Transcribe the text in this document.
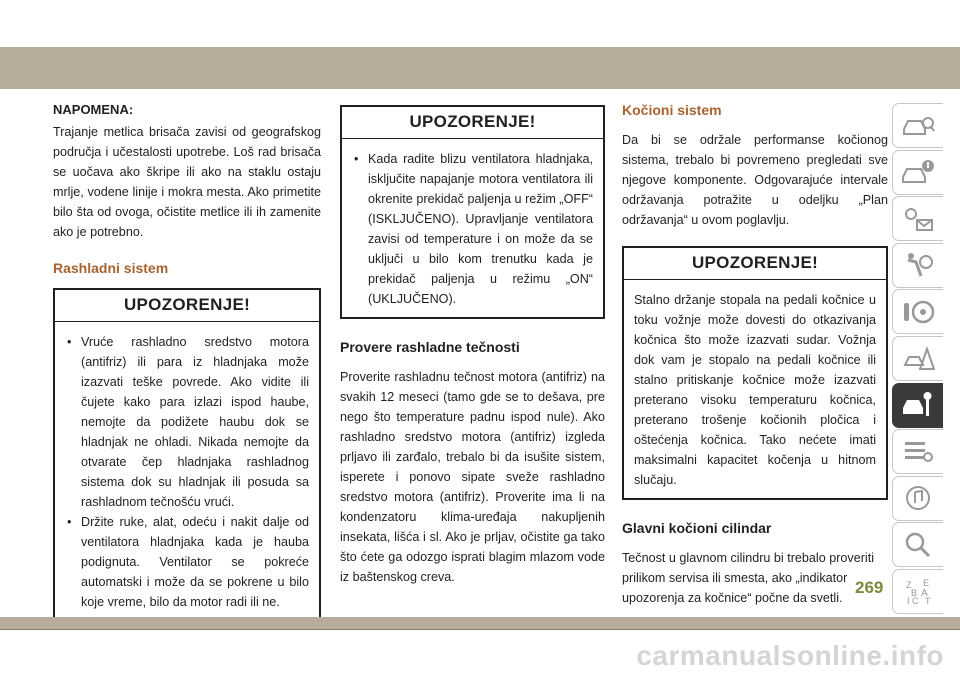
NAPOMENA:

Trajanje metlica brisača zavisi od geografskog područja i učestalosti upotrebe. Loš rad brisača se uočava ako škripe ili ako na staklu ostaju mrlje, vodene linije i mokra mesta. Ako primetite bilo šta od ovoga, očistite metlice ili ih zamenite ako je potrebno.

Rashladni sistem
UPOZORENJE!
• Vruće rashladno sredstvo motora (antifriz) ili para iz hladnjaka može izazvati teške povrede. Ako vidite ili čujete kako para izlazi ispod haube, nemojte da podižete haubu dok se hladnjak ne ohladi. Nikada nemojte da otvarate čep hladnjaka rashladnog sistema dok su hladnjak ili posuda sa rashladnom tečnošću vrući.
• Držite ruke, alat, odeću i nakit dalje od ventilatora hladnjaka kada je hauba podignuta. Ventilator se pokreće automatski i može da se pokrene u bilo koje vreme, bilo da motor radi ili ne.
UPOZORENJE!
• Kada radite blizu ventilatora hladnjaka, isključite napajanje motora ventilatora ili okrenite prekidač paljenja u režim „OFF“ (ISKLJUČENO). Upravljanje ventilatora zavisi od temperature i on može da se uključi u bilo kom trenutku kada je prekidač paljenja u režimu „ON“ (UKLJUČENO).
Provere rashladne tečnosti

Proverite rashladnu tečnost motora (antifriz) na svakih 12 meseci (tamo gde se to dešava, pre nego što temperature padnu ispod nule). Ako rashladno sredstvo motora (antifriz) izgleda prljavo ili zarđalo, trebalo bi da isušite sistem, isperete i ponovo sipate sveže rashladno sredstvo motora (antifriz). Proverite ima li na kondenzatoru klima-uređaja nakupljenih insekata, lišća i sl. Ako je prljav, očistite ga tako što ćete ga odozgo isprati blagim mlazom vode iz baštenskog creva.

Kočioni sistem

Da bi se održale performanse kočionog sistema, trebalo bi povremeno pregledati sve njegove komponente. Odgovarajuće intervale održavanja potražite u odeljku „Plan održavanja“ u ovom poglavlju.

UPOZORENJE!

Stalno držanje stopala na pedali kočnice u toku vožnje može dovesti do otkazivanja kočnica što može izazvati sudar. Vožnja dok vam je stopalo na pedali kočnice ili stalno pritiskanje kočnice može izazvati preterano visoku temperaturu kočnica, preterano trošenje kočionih pločica i oštećenja kočnica. Tako nećete imati maksimalni kapacitet kočenja u hitnom slučaju.

Glavni kočioni cilindar

Tečnost u glavnom cilindru bi trebalo proveriti prilikom servisa ili smesta, ako „indikator upozorenja za kočnice“ počne da svetli.

Z E
B A
I C T
269
carmanualsonline.info
